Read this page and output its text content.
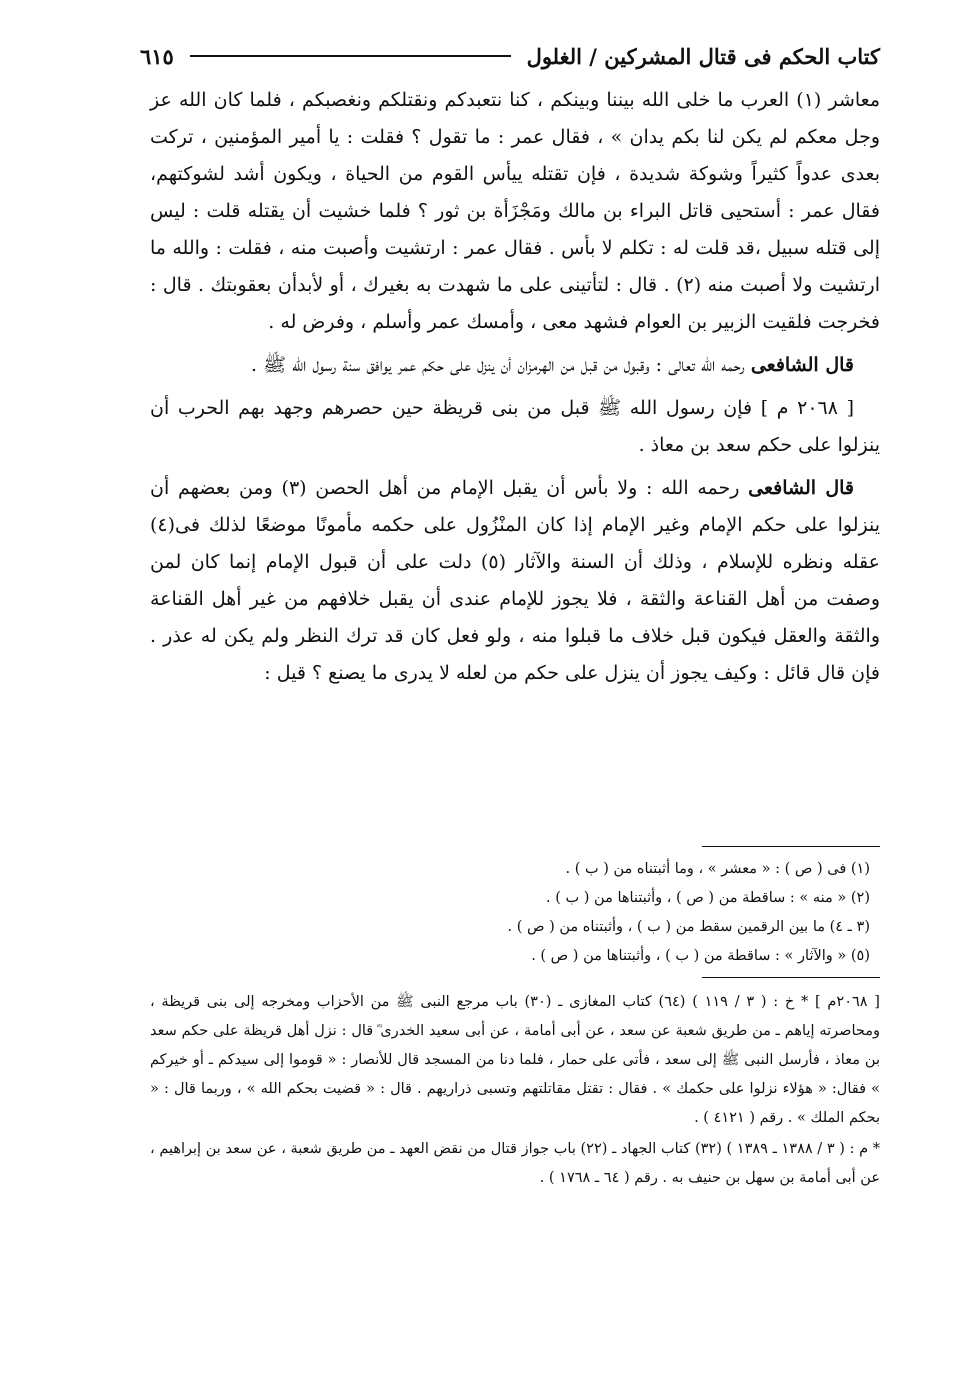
كتاب الحكم فى قتال المشركين / الغلول
٦١٥

معاشر (١) العرب ما خلى الله بيننا وبينكم ، كنا نتعبدكم ونقتلكم ونغصبكم ، فلما كان الله عز وجل معكم لم يكن لنا بكم يدان » ، فقال عمر : ما تقول ؟ فقلت : يا أمير المؤمنين ، تركت بعدى عدواً كثيراً وشوكة شديدة ، فإن تقتله ييأس القوم من الحياة ، ويكون أشد لشوكتهم، فقال عمر : أستحيى قاتل البراء بن مالك ومَجْزَأة بن ثور ؟ فلما خشيت أن يقتله قلت : ليس إلى قتله سبيل ،قد قلت له : تكلم لا بأس . فقال عمر : ارتشيت وأصبت منه ، فقلت : والله ما ارتشيت ولا أصبت منه (٢) . قال : لتأتينى على ما شهدت به بغيرك ، أو لأبدأن بعقوبتك . قال : فخرجت فلقيت الزبير بن العوام فشهد معى ، وأمسك عمر وأسلم ، وفرض له .

قال الشافعى رحمه الله تعالى : وقبول من قبل من الهرمزان أن ينزل على حكم عمر يوافق سنة رسول الله ﷺ .

[ ٢٠٦٨ م ] فإن رسول الله ﷺ قبل من بنى قريظة حين حصرهم وجهد بهم الحرب أن ينزلوا على حكم سعد بن معاذ .

قال الشافعى رحمه الله : ولا بأس أن يقبل الإمام من أهل الحصن (٣) ومن بعضهم أن ينزلوا على حكم الإمام وغير الإمام إذا كان المنْزُول على حكمه مأمونًا موضعًا لذلك فى(٤) عقله ونظره للإسلام ، وذلك أن السنة والآثار (٥) دلت على أن قبول الإمام إنما كان لمن وصفت من أهل القناعة والثقة ، فلا يجوز للإمام عندى أن يقبل خلافهم من غير أهل القناعة والثقة والعقل فيكون قبل خلاف ما قبلوا منه ، ولو فعل كان قد ترك النظر ولم يكن له عذر . فإن قال قائل : وكيف يجوز أن ينزل على حكم من لعله لا يدرى ما يصنع ؟ قيل :

(١) فى ( ص ) : « معشر » ، وما أثبتناه من ( ب ) .
(٢) « منه » : ساقطة من ( ص ) ، وأثبتناها من ( ب ) .
(٣ ـ ٤) ما بين الرقمين سقط من ( ب ) ، وأثبتناه من ( ص ) .
(٥) « والآثار » : ساقطة من ( ب ) ، وأثبتناها من ( ص ) .

[ ٢٠٦٨م ] * خ : ( ٣ / ١١٩ ) (٦٤) كتاب المغازى ـ (٣٠) باب مرجع النبى ﷺ من الأحزاب ومخرجه إلى بنى قريظة ، ومحاصرته إياهم ـ من طريق شعبة عن سعد ، عن أبى أمامة ، عن أبى سعيد الخدرى ؓ قال : نزل أهل قريظة على حكم سعد بن معاذ ، فأرسل النبى ﷺ إلى سعد ، فأتى على حمار ، فلما دنا من المسجد قال للأنصار : « قوموا إلى سيدكم ـ أو خيركم » فقال: « هؤلاء نزلوا على حكمك » . فقال : تقتل مقاتلتهم وتسبى ذراريهم . قال : « قضيت بحكم الله » ، وربما قال : « بحكم الملك » . رقم ( ٤١٢١ ) .

* م : ( ٣ / ١٣٨٨ ـ ١٣٨٩ ) (٣٢) كتاب الجهاد ـ (٢٢) باب جواز قتال من نقض العهد ـ من طريق شعبة ، عن سعد بن إبراهيم ، عن أبى أمامة بن سهل بن حنيف به . رقم ( ٦٤ ـ ١٧٦٨ ) .
